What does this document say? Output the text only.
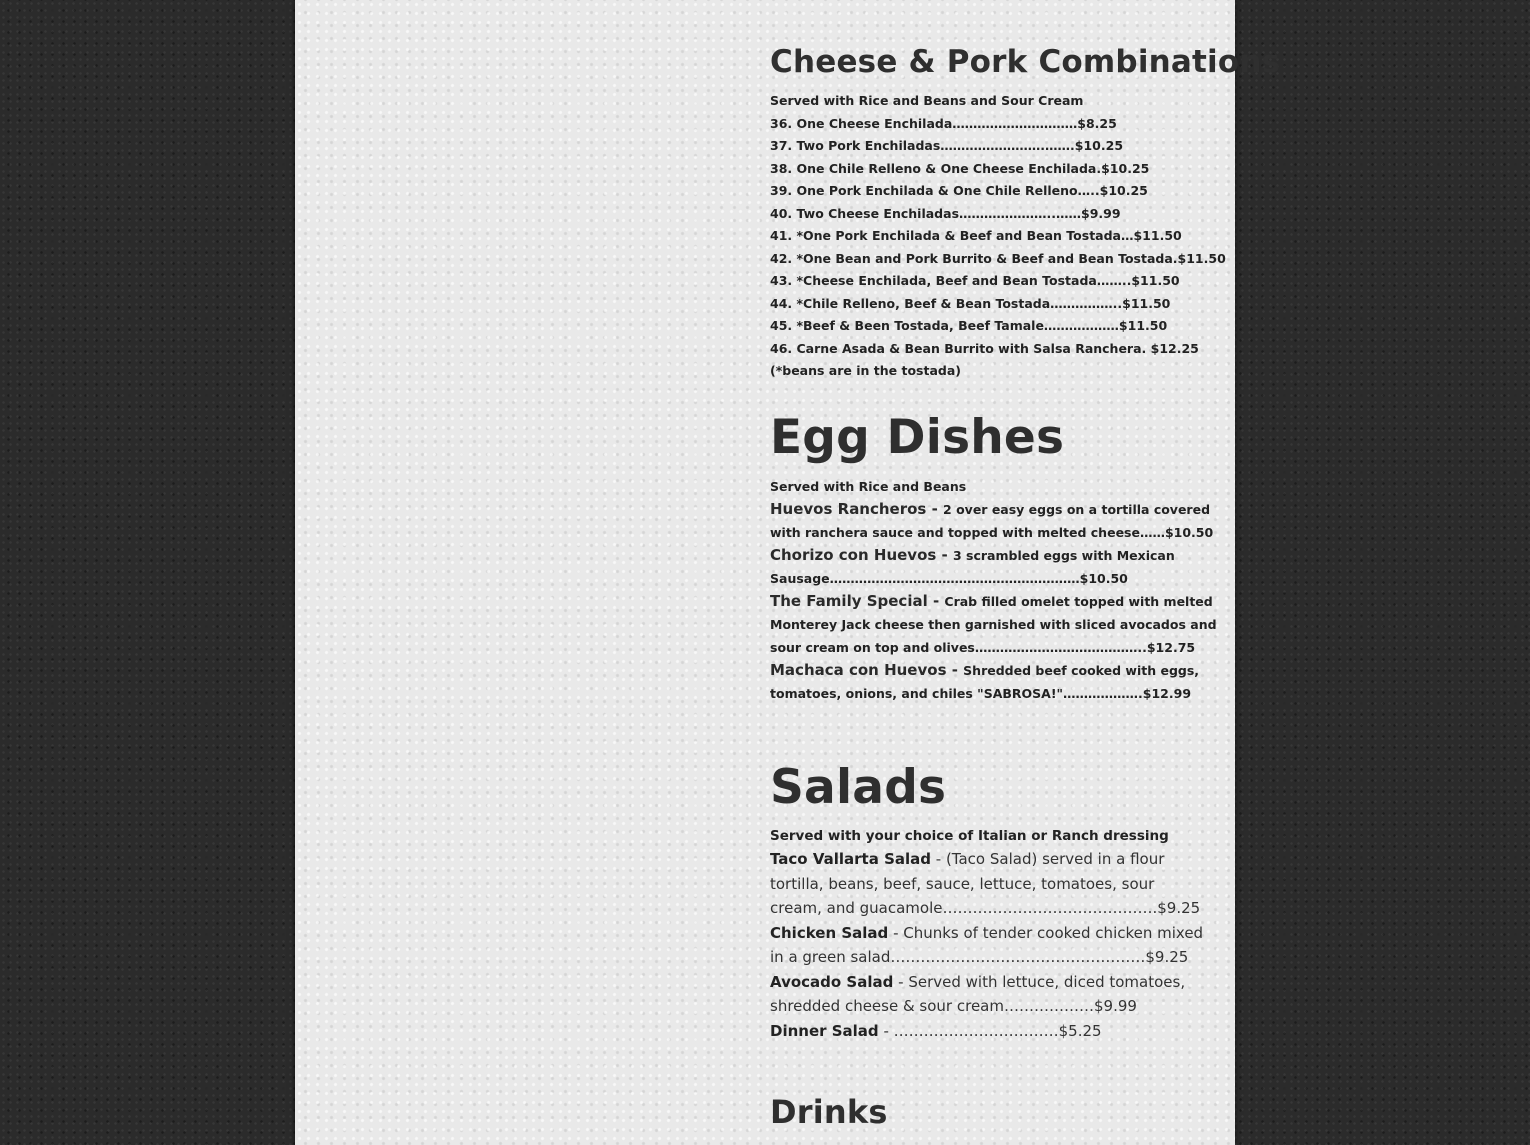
Cheese & Pork Combinations
Served with Rice and Beans and Sour Cream
36. One Cheese Enchilada…………………………$8.25
37. Two Pork Enchiladas…………………….…….$10.25
38. One Chile Relleno & One Cheese Enchilada.$10.25
39. One Pork Enchilada & One Chile Relleno…..$10.25
40. Two Cheese Enchiladas…………………..……$9.99
41. *One Pork Enchilada & Beef and Bean Tostada…$11.50
42. *One Bean and Pork Burrito & Beef and Bean Tostada.$11.50
43. *Cheese Enchilada, Beef and Bean Tostada……..$11.50
44. *Chile Relleno, Beef & Bean Tostada……………..$11.50
45. *Beef & Been Tostada, Beef Tamale………………$11.50
46. Carne Asada & Bean Burrito with Salsa Ranchera. $12.25
(*beans are in the tostada)
Egg Dishes
Served with Rice and Beans
Huevos Rancheros - 2 over easy eggs on a tortilla covered with ranchera sauce and topped with melted cheese……$10.50
Chorizo con Huevos - 3 scrambled eggs with Mexican Sausage……………………………………………………$10.50
The Family Special - Crab filled omelet topped with melted Monterey Jack cheese then garnished with sliced avocados and sour cream on top and olives…………………………………..$12.75
Machaca con Huevos - Shredded beef cooked with eggs, tomatoes, onions, and chiles "SABROSA!"……………….$12.99
Salads
Served with your choice of Italian or Ranch dressing
Taco Vallarta Salad - (Taco Salad) served in a flour tortilla, beans, beef, sauce, lettuce, tomatoes, sour cream, and guacamole…………………………………….$9.25
Chicken Salad - Chunks of tender cooked chicken mixed in a green salad……………………………………………$9.25
Avocado Salad - Served with lettuce, diced tomatoes, shredded cheese & sour cream………………$9.99
Dinner Salad - ……………………………$5.25
Drinks
